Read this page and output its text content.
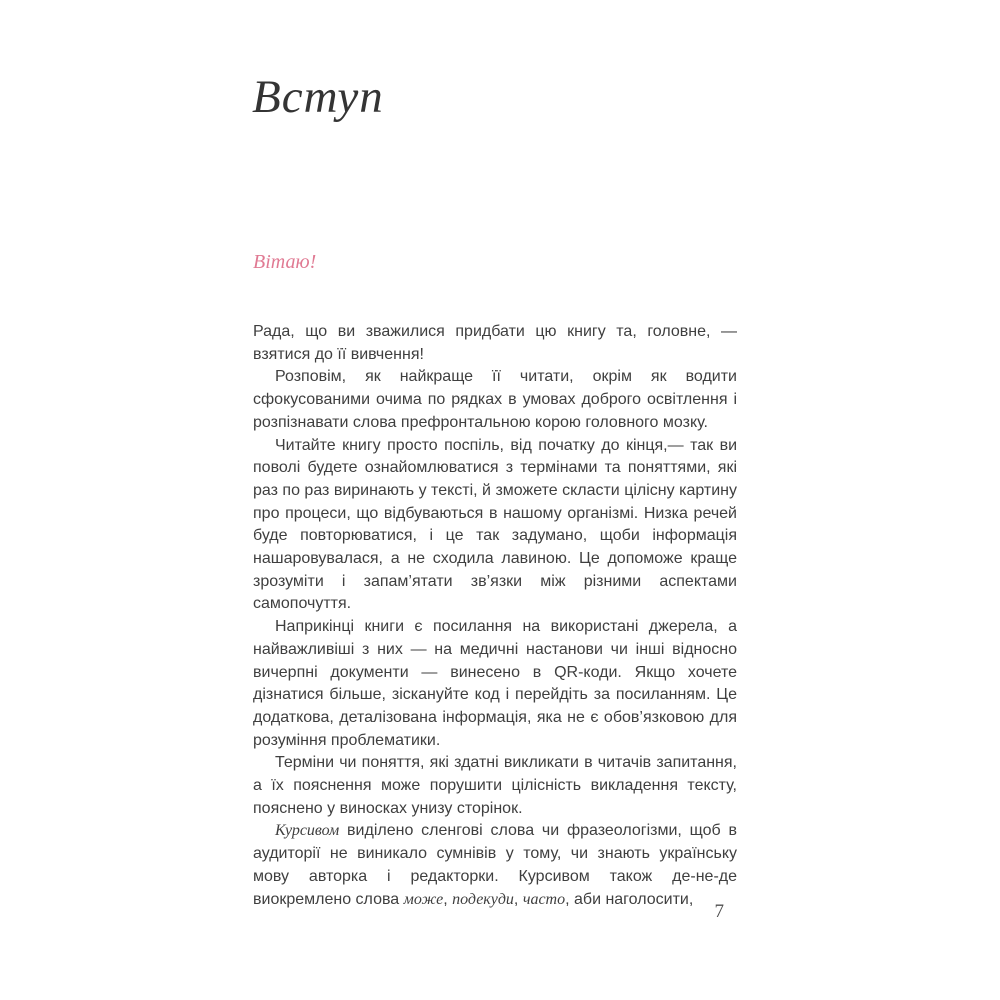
Вступ

Вітаю!

Рада, що ви зважилися придбати цю книгу та, головне, — взятися до її вивчення!

Розповім, як найкраще її читати, окрім як водити сфокусованими очима по рядках в умовах доброго освітлення і розпізнавати слова префронтальною корою головного мозку.

Читайте книгу просто поспіль, від початку до кінця,— так ви поволі будете ознайомлюватися з термінами та поняттями, які раз по раз виринають у тексті, й зможете скласти цілісну картину про процеси, що відбуваються в нашому організмі. Низка речей буде повторюватися, і це так задумано, щоби інформація нашаровувалася, а не сходила лавиною. Це допоможе краще зрозуміти і запам’ятати зв’язки між різними аспектами самопочуття.

Наприкінці книги є посилання на використані джерела, а найважливіші з них — на медичні настанови чи інші відносно вичерпні документи — винесено в QR-коди. Якщо хочете дізнатися більше, зіскануйте код і перейдіть за посиланням. Це додаткова, деталізована інформація, яка не є обов’язковою для розуміння проблематики.

Терміни чи поняття, які здатні викликати в читачів запитання, а їх пояснення може порушити цілісність викладення тексту, пояснено у виносках унизу сторінок.

Курсивом виділено сленгові слова чи фразеологізми, щоб в аудиторії не виникало сумнівів у тому, чи знають українську мову авторка і редакторки. Курсивом також де-не-де виокремлено слова може, подекуди, часто, аби наголосити,

7
